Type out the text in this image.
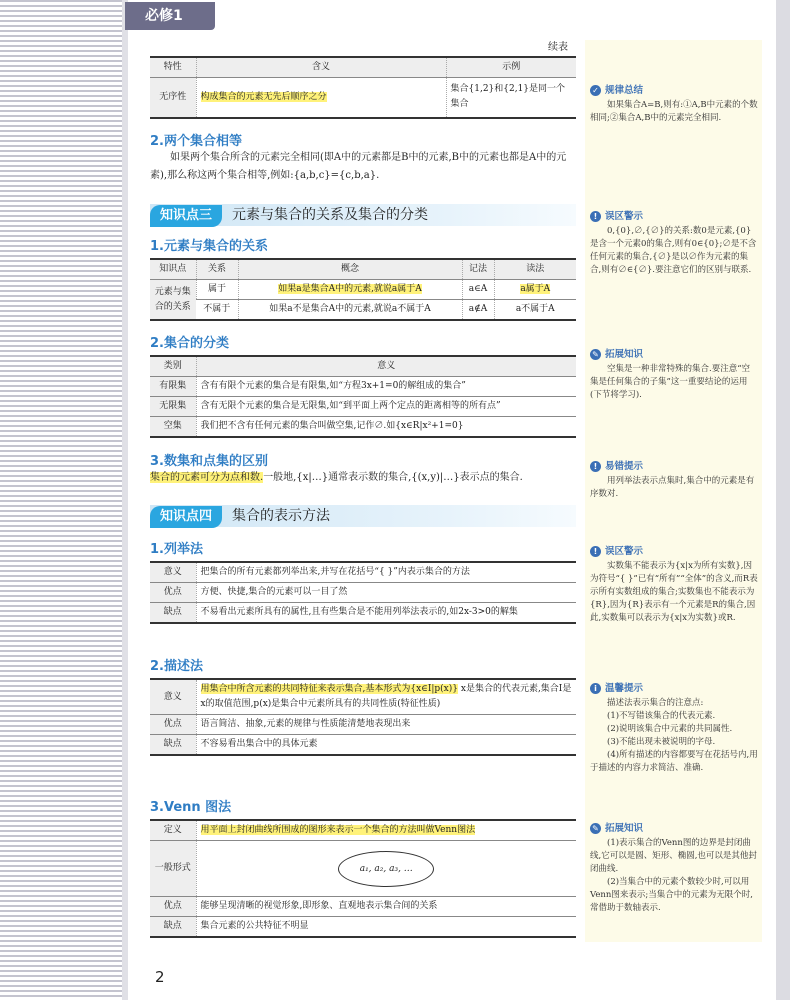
必修1
续表
特性	含义	示例
无序性	构成集合的元素无先后顺序之分	集合{1,2}和{2,1}是同一个集合
2.两个集合相等
如果两个集合所含的元素完全相同(即A中的元素都是B中的元素,B中的元素也都是A中的元素),那么称这两个集合相等,例如:{a,b,c}={c,b,a}.
知识点三 元素与集合的关系及集合的分类
1.元素与集合的关系
知识点	关系	概念	记法	读法
元素与集合的关系	属于	如果a是集合A中的元素,就说a属于A	a∈A	a属于A
	不属于	如果a不是集合A中的元素,就说a不属于A	a∉A	a不属于A
2.集合的分类
类别	意义
有限集	含有有限个元素的集合是有限集,如“方程3x+1=0的解组成的集合”
无限集	含有无限个元素的集合是无限集,如“到平面上两个定点的距离相等的所有点”
空集	我们把不含有任何元素的集合叫做空集,记作∅.如{x∈R|x²+1=0}
3.数集和点集的区别
集合的元素可分为点和数.一般地,{x|…}通常表示数的集合,{(x,y)|…}表示点的集合.
知识点四 集合的表示方法
1.列举法
意义	把集合的所有元素都列举出来,并写在花括号“{ }”内表示集合的方法
优点	方便、快捷,集合的元素可以一目了然
缺点	不易看出元素所具有的属性,且有些集合是不能用列举法表示的,如2x-3>0的解集
2.描述法
意义	用集合中所含元素的共同特征来表示集合,基本形式为{x∈I|p(x)} x是集合的代表元素,集合I是x的取值范围,p(x)是集合中元素所具有的共同性质(特征性质)
优点	语言简洁、抽象,元素的规律与性质能清楚地表现出来
缺点	不容易看出集合中的具体元素
3.Venn 图法
定义	用平面上封闭曲线所围成的图形来表示一个集合的方法叫做Venn图法
一般形式	a₁, a₂, a₃, …
优点	能够呈现清晰的视觉形象,即形象、直观地表示集合间的关系
缺点	集合元素的公共特征不明显
✓ 规律总结
如果集合A=B,则有:①A,B中元素的个数相同;②集合A,B中的元素完全相同.
! 误区警示
0,{0},∅,{∅}的关系:数0是元素,{0}是含一个元素0的集合,则有0∈{0};∅是不含任何元素的集合,{∅}是以∅作为元素的集合,则有∅∈{∅}.要注意它们的区别与联系.
✎ 拓展知识
空集是一种非常特殊的集合.要注意“空集是任何集合的子集”这一重要结论的运用(下节将学习).
! 易错提示
用列举法表示点集时,集合中的元素是有序数对.
! 误区警示
实数集不能表示为{x|x为所有实数},因为符号“{ }”已有“所有”“全体”的含义,而R表示所有实数组成的集合;实数集也不能表示为{R},因为{R}表示有一个元素是R的集合,因此,实数集可以表示为{x|x为实数}或R.
i 温馨提示
描述法表示集合的注意点:
(1)不写错该集合的代表元素.
(2)说明该集合中元素的共同属性.
(3)不能出现未被说明的字母.
(4)所有描述的内容都要写在花括号内,用于描述的内容力求简洁、准确.
✎ 拓展知识
(1)表示集合的Venn图的边界是封闭曲线,它可以是圆、矩形、椭圆,也可以是其他封闭曲线.
(2)当集合中的元素个数较少时,可以用Venn图来表示;当集合中的元素为无限个时,常借助于数轴表示.
2
